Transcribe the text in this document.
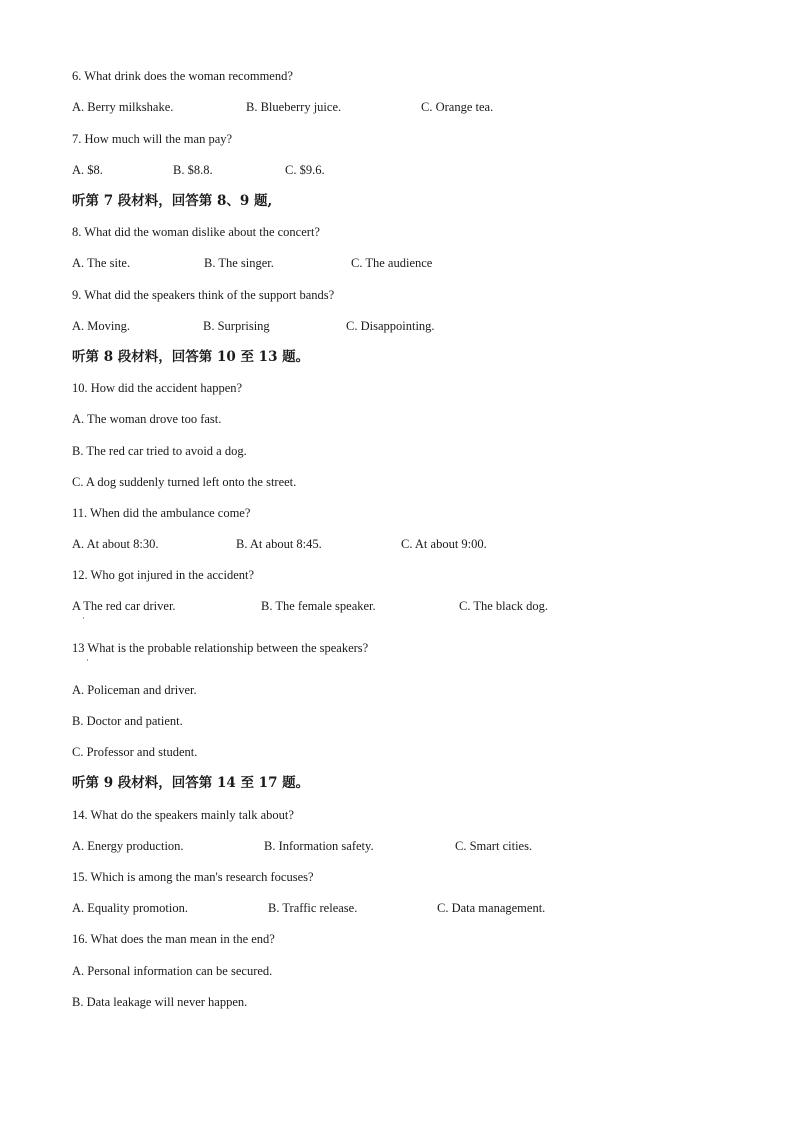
6. What drink does the woman recommend?
A. Berry milkshake.	B. Blueberry juice.	C. Orange tea.
7. How much will the man pay?
A. $8.	B. $8.8.	C. $9.6.
听第 7 段材料，回答第 8、9 题,
8. What did the woman dislike about the concert?
A. The site.	B. The singer.	C. The audience
9. What did the speakers think of the support bands?
A. Moving.	B. Surprising	C. Disappointing.
听第 8 段材料，回答第 10 至 13 题。
10. How did the accident happen?
A. The woman drove too fast.
B. The red car tried to avoid a dog.
C. A dog suddenly turned left onto the street.
11. When did the ambulance come?
A. At about 8:30.	B. At about 8:45.	C. At about 9:00.
12. Who got injured in the accident?
A The red car driver.	B. The female speaker.	C. The black dog.
·
13 What is the probable relationship between the speakers?
·
A. Policeman and driver.
B. Doctor and patient.
C. Professor and student.
听第 9 段材料，回答第 14 至 17 题。
14. What do the speakers mainly talk about?
A. Energy production.	B. Information safety.	C. Smart cities.
15. Which is among the man's research focuses?
A. Equality promotion.	B. Traffic release.	C. Data management.
16. What does the man mean in the end?
A. Personal information can be secured.
B. Data leakage will never happen.
